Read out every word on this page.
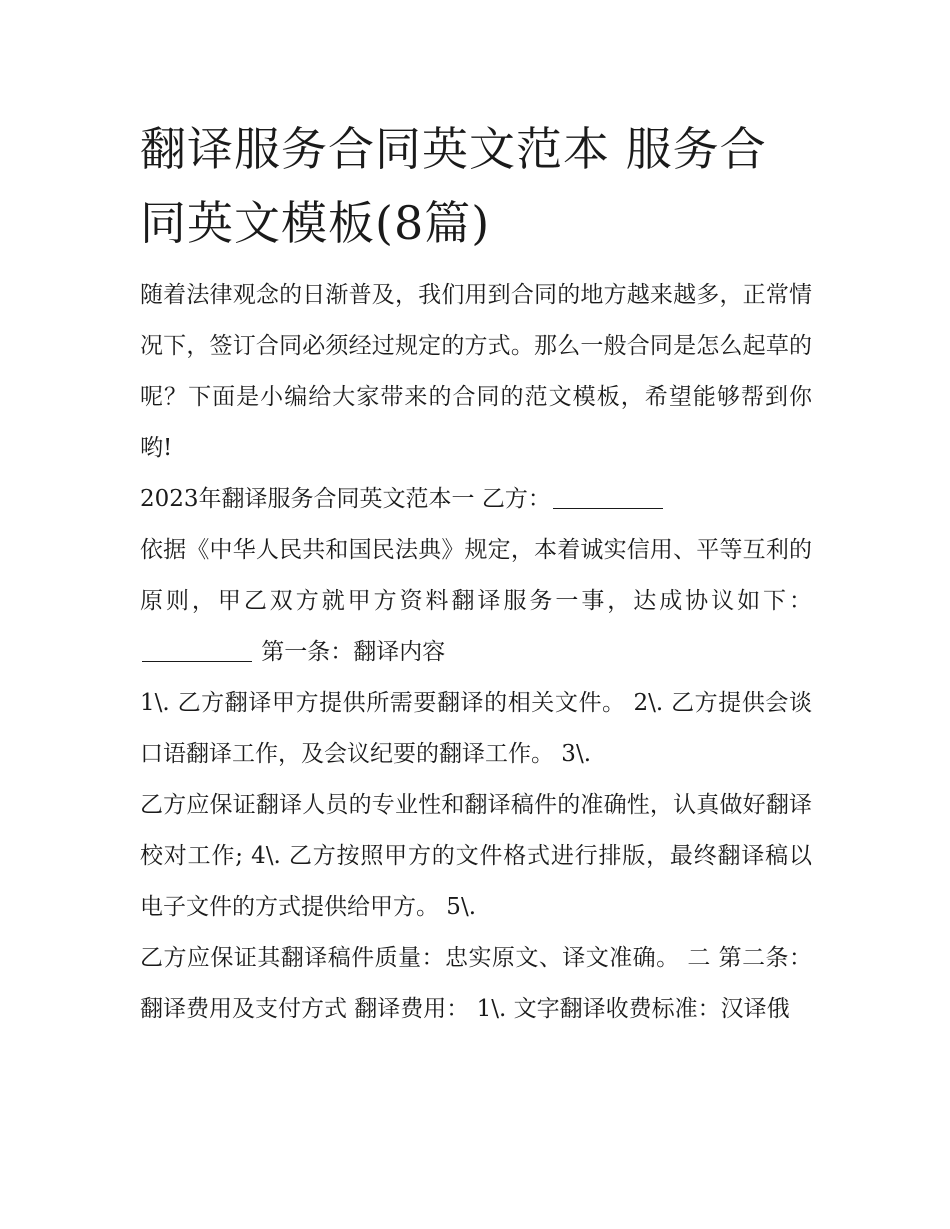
翻译服务合同英文范本 服务合同英文模板(8篇)

随着法律观念的日渐普及，我们用到合同的地方越来越多，正常情况下，签订合同必须经过规定的方式。那么一般合同是怎么起草的呢？下面是小编给大家带来的合同的范文模板，希望能够帮到你哟!

2023年翻译服务合同英文范本一 乙方：

依据《中华人民共和国民法典》规定，本着诚实信用、平等互利的原则，甲乙双方就甲方资料翻译服务一事，达成协议如下： 第一条：翻译内容

1\. 乙方翻译甲方提供所需要翻译的相关文件。 2\. 乙方提供会谈口语翻译工作，及会议纪要的翻译工作。 3\.

乙方应保证翻译人员的专业性和翻译稿件的准确性，认真做好翻译校对工作; 4\. 乙方按照甲方的文件格式进行排版，最终翻译稿以电子文件的方式提供给甲方。 5\.

乙方应保证其翻译稿件质量：忠实原文、译文准确。 二 第二条：翻译费用及支付方式 翻译费用： 1\. 文字翻译收费标准：汉译俄
